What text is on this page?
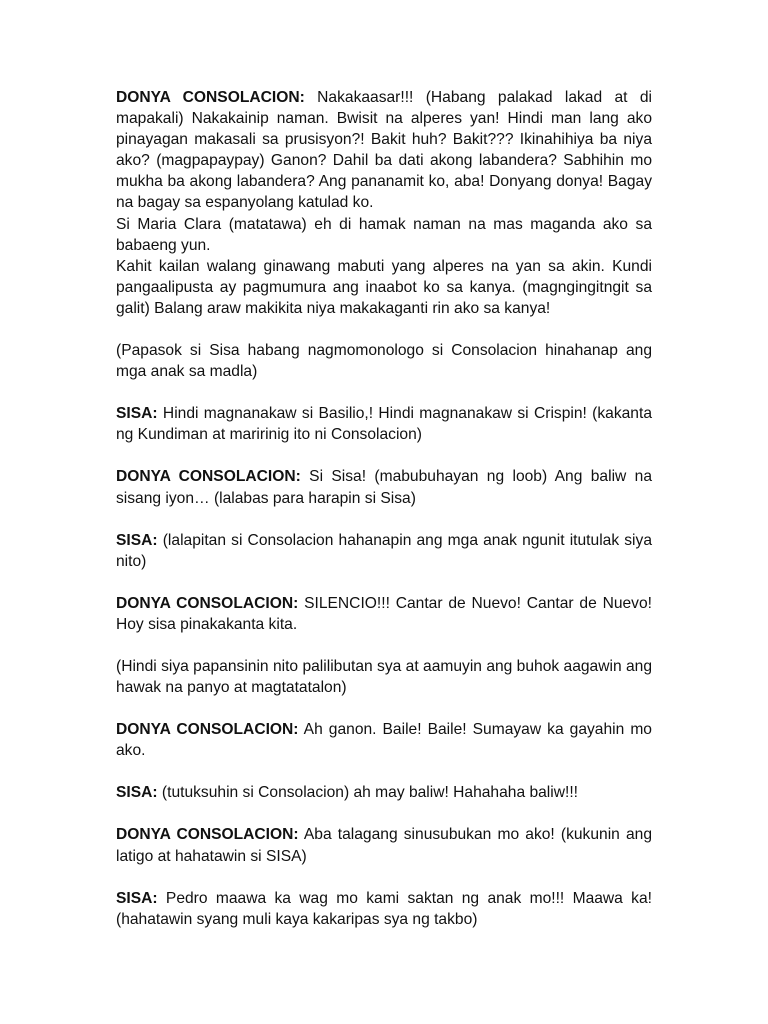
DONYA CONSOLACION: Nakakaasar!!! (Habang palakad lakad at di mapakali) Nakakainip naman. Bwisit na alperes yan! Hindi man lang ako pinayagan makasali sa prusisyon?! Bakit huh? Bakit??? Ikinahihiya ba niya ako? (magpapaypay) Ganon? Dahil ba dati akong labandera? Sabhihin mo mukha ba akong labandera? Ang pananamit ko, aba! Donyang donya! Bagay na bagay sa espanyolang katulad ko.
Si Maria Clara (matatawa) eh di hamak naman na mas maganda ako sa babaeng yun.
Kahit kailan walang ginawang mabuti yang alperes na yan sa akin. Kundi pangaalipusta ay pagmumura ang inaabot ko sa kanya. (magngingitngit sa galit) Balang araw makikita niya makakaganti rin ako sa kanya!

(Papasok si Sisa habang nagmomonologo si Consolacion hinahanap ang mga anak sa madla)

SISA: Hindi magnanakaw si Basilio,! Hindi magnanakaw si Crispin! (kakanta ng Kundiman at maririnig ito ni Consolacion)

DONYA CONSOLACION: Si Sisa! (mabubuhayan ng loob) Ang baliw na sisang iyon… (lalabas para harapin si Sisa)

SISA: (lalapitan si Consolacion hahanapin ang mga anak ngunit itutulak siya nito)

DONYA CONSOLACION: SILENCIO!!! Cantar de Nuevo! Cantar de Nuevo! Hoy sisa pinakakanta kita.

(Hindi siya papansinin nito palilibutan sya at aamuyin ang buhok aagawin ang hawak na panyo at magtatatalon)

DONYA CONSOLACION: Ah ganon. Baile! Baile! Sumayaw ka gayahin mo ako.

SISA: (tutuksuhin si Consolacion) ah may baliw! Hahahaha baliw!!!

DONYA CONSOLACION: Aba talagang sinusubukan mo ako! (kukunin ang latigo at hahatawin si SISA)

SISA: Pedro maawa ka wag mo kami saktan ng anak mo!!! Maawa ka! (hahatawin syang muli kaya kakaripas sya ng takbo)
